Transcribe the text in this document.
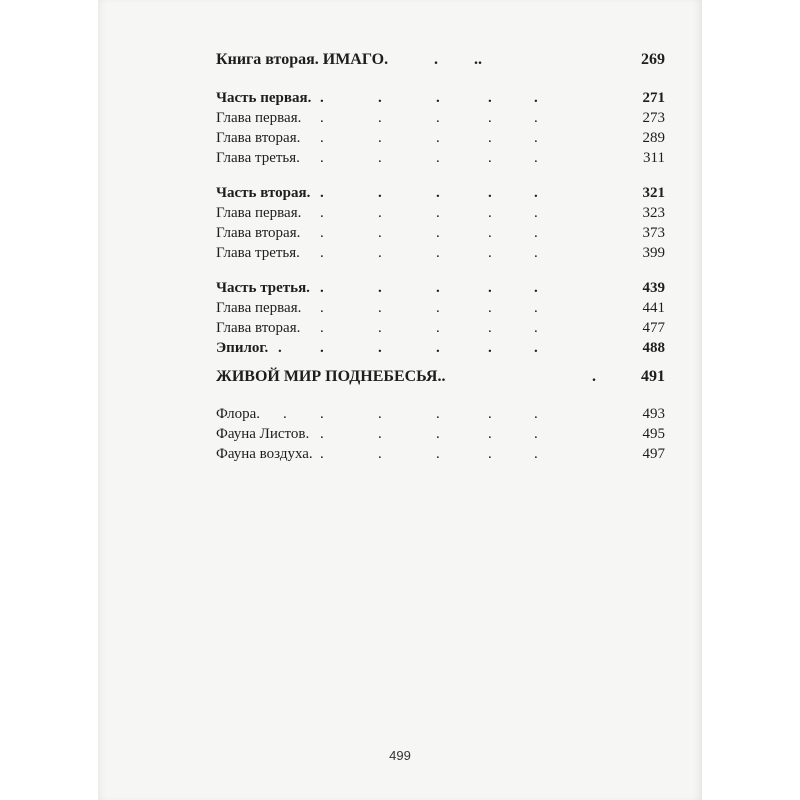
Книга вторая. ИМАГО.	. ..	269
Часть первая. .	.	.	.	.	271
Глава первая. .	.	.	.	.	273
Глава вторая. .	.	.	.	.	289
Глава третья. .	.	.	.	.	311
Часть вторая. .	.	.	.	.	321
Глава первая. .	.	.	.	.	323
Глава вторая. .	.	.	.	.	373
Глава третья. .	.	.	.	.	399
Часть третья. .	.	.	.	.	439
Глава первая. .	.	.	.	.	441
Глава вторая. .	.	.	.	.	477
Эпилог. .	.	.	.	.	.	488
ЖИВОЙ МИР ПОДНЕБЕСЬЯ..	.	491
Флора. . .	.	.	.	.	493
Фауна Листов. .	.	.	.	.	495
Фауна воздуха. .	.	.	.	.	497
499
